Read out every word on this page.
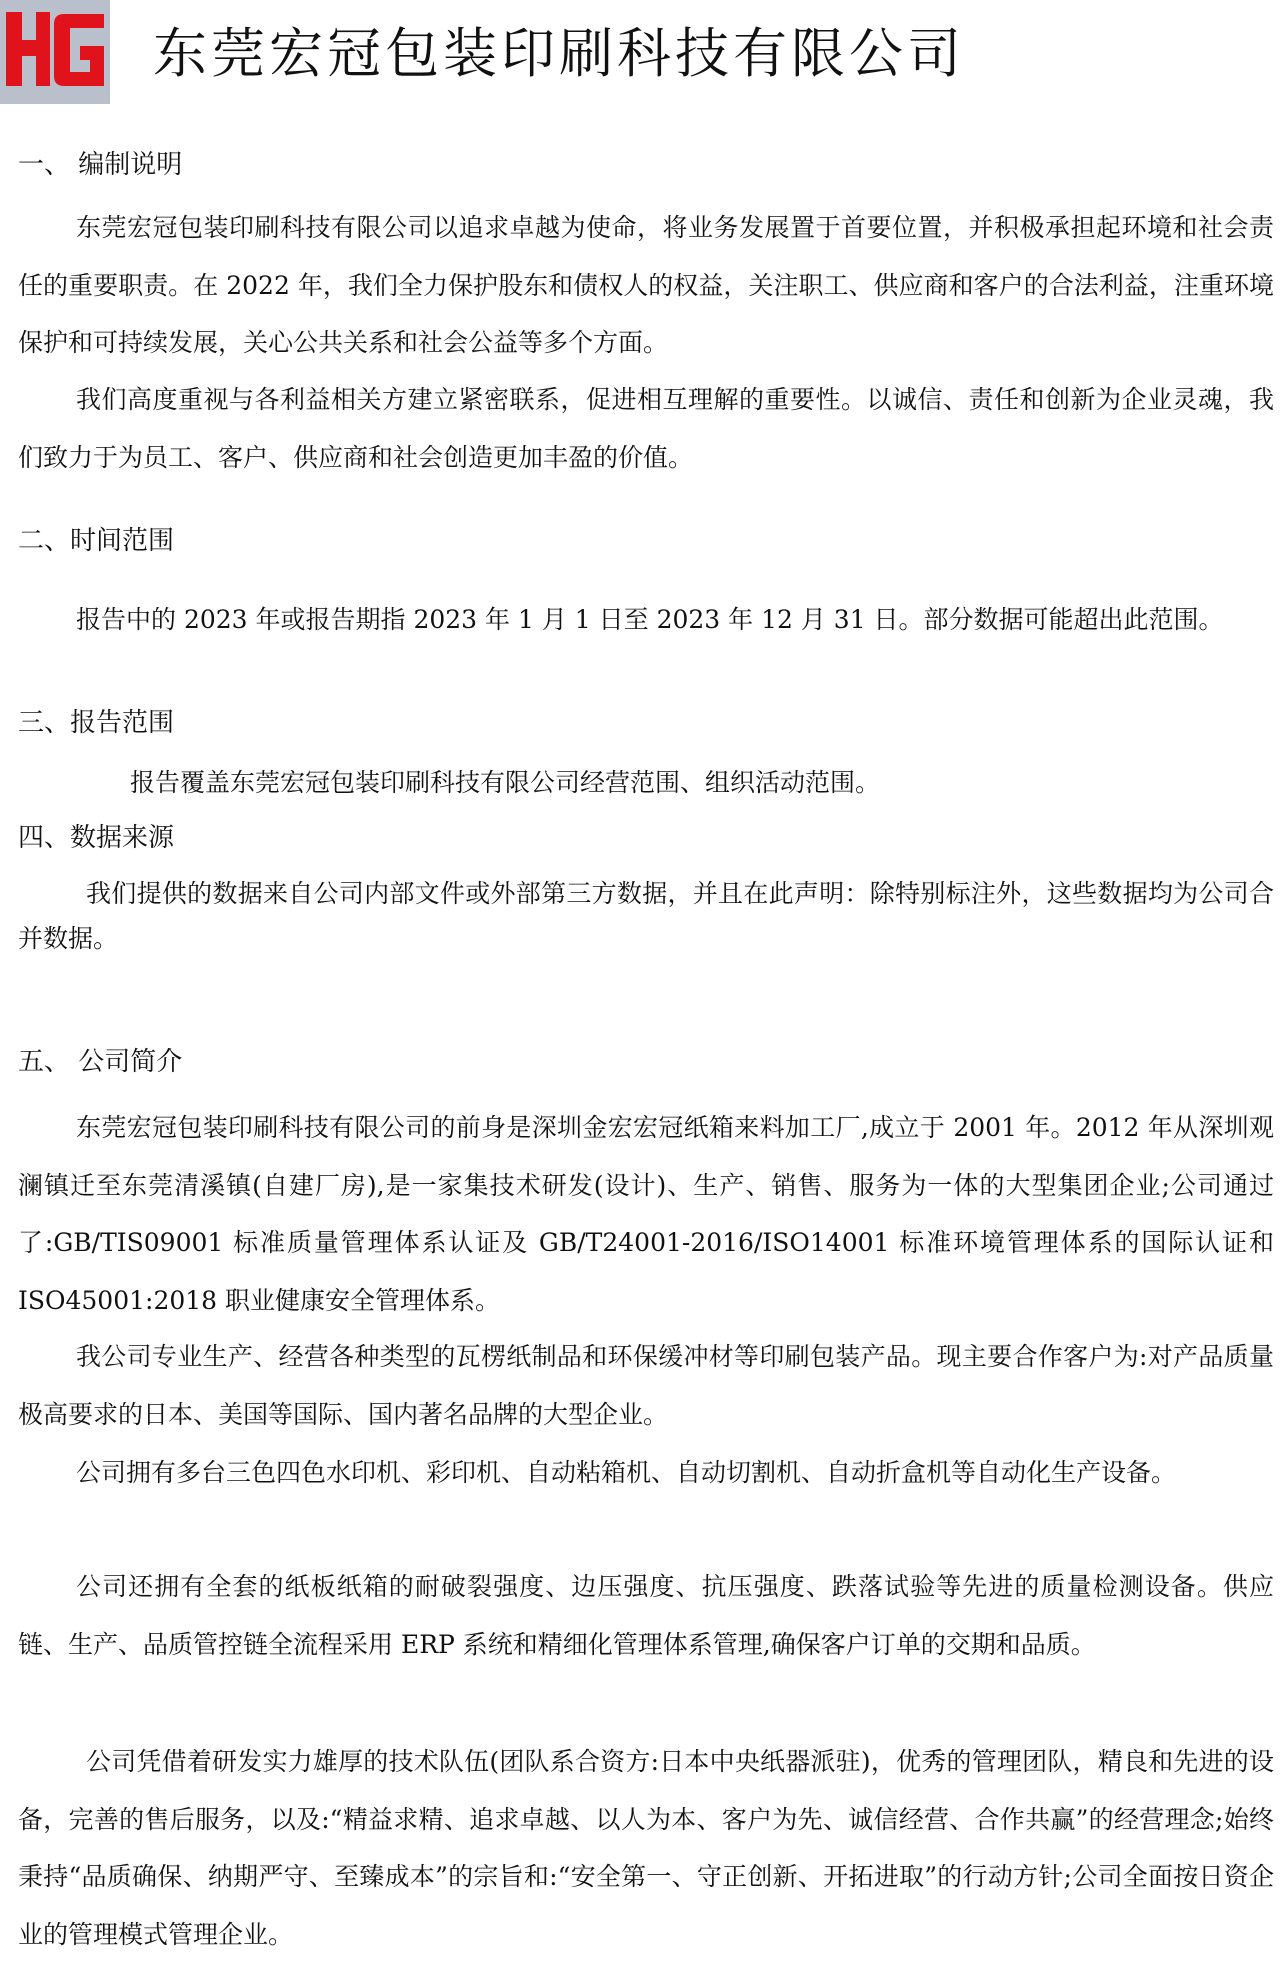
东莞宏冠包装印刷科技有限公司
一、 编制说明

东莞宏冠包装印刷科技有限公司以追求卓越为使命，将业务发展置于首要位置，并积极承担起环境和社会责任的重要职责。在 2022 年，我们全力保护股东和债权人的权益，关注职工、供应商和客户的合法利益，注重环境保护和可持续发展，关心公共关系和社会公益等多个方面。

我们高度重视与各利益相关方建立紧密联系，促进相互理解的重要性。以诚信、责任和创新为企业灵魂，我们致力于为员工、客户、供应商和社会创造更加丰盈的价值。

二、时间范围

报告中的 2023 年或报告期指 2023 年 1 月 1 日至 2023 年 12 月 31 日。部分数据可能超出此范围。

三、报告范围

报告覆盖东莞宏冠包装印刷科技有限公司经营范围、组织活动范围。

四、数据来源

我们提供的数据来自公司内部文件或外部第三方数据，并且在此声明：除特别标注外，这些数据均为公司合并数据。

五、 公司简介

东莞宏冠包装印刷科技有限公司的前身是深圳金宏宏冠纸箱来料加工厂,成立于 2001 年。2012 年从深圳观澜镇迁至东莞清溪镇(自建厂房),是一家集技术研发(设计)、生产、销售、服务为一体的大型集团企业;公司通过了:GB/TIS09001 标准质量管理体系认证及 GB/T24001-2016/ISO14001 标准环境管理体系的国际认证和 ISO45001:2018 职业健康安全管理体系。

我公司专业生产、经营各种类型的瓦楞纸制品和环保缓冲材等印刷包装产品。现主要合作客户为:对产品质量极高要求的日本、美国等国际、国内著名品牌的大型企业。

公司拥有多台三色四色水印机、彩印机、自动粘箱机、自动切割机、自动折盒机等自动化生产设备。

公司还拥有全套的纸板纸箱的耐破裂强度、边压强度、抗压强度、跌落试验等先进的质量检测设备。供应链、生产、品质管控链全流程采用 ERP 系统和精细化管理体系管理,确保客户订单的交期和品质。

公司凭借着研发实力雄厚的技术队伍(团队系合资方:日本中央纸器派驻)，优秀的管理团队，精良和先进的设备，完善的售后服务，以及:“精益求精、追求卓越、以人为本、客户为先、诚信经营、合作共赢”的经营理念;始终秉持“品质确保、纳期严守、至臻成本”的宗旨和:“安全第一、守正创新、开拓进取”的行动方针;公司全面按日资企业的管理模式管理企业。
